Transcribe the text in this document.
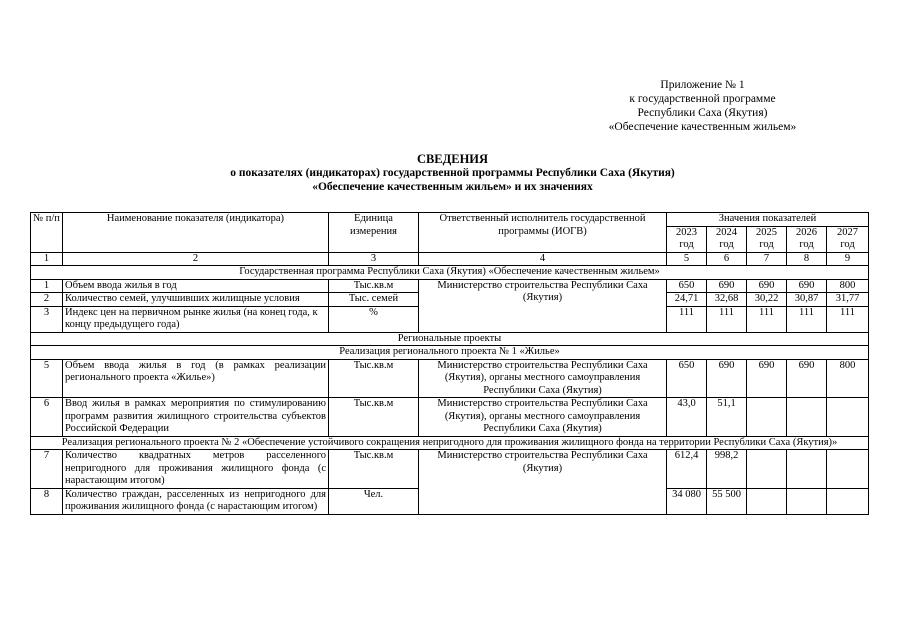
Приложение № 1
к государственной программе
Республики Саха (Якутия)
«Обеспечение качественным жильем»
СВЕДЕНИЯ
о показателях (индикаторах) государственной программы Республики Саха (Якутия)
«Обеспечение качественным жильем» и их значениях
№ п/п	Наименование показателя (индикатора)	Единица измерения	Ответственный исполнитель государственной программы (ИОГВ)	Значения показателей				
				2023 год	2024 год	2025 год	2026 год	2027 год
1	2	3	4	5	6	7	8	9
Государственная программа Республики Саха (Якутия) «Обеспечение качественным жильем»								
1	Объем ввода жилья в год	Тыс.кв.м	Министерство строительства Республики Саха (Якутия)	650	690	690	690	800
2	Количество семей, улучшивших жилищные условия	Тыс. семей		24,71	32,68	30,22	30,87	31,77
3	Индекс цен на первичном рынке жилья (на конец года, к концу предыдущего года)	%		111	111	111	111	111
Региональные проекты								
Реализация регионального проекта № 1 «Жилье»								
5	Объем ввода жилья в год (в рамках реализации регионального проекта «Жилье»)	Тыс.кв.м	Министерство строительства Республики Саха (Якутия), органы местного самоуправления Республики Саха (Якутия)	650	690	690	690	800
6	Ввод жилья в рамках мероприятия по стимулированию программ развития жилищного строительства субъектов Российской Федерации	Тыс.кв.м	Министерство строительства Республики Саха (Якутия), органы местного самоуправления Республики Саха (Якутия)	43,0	51,1			
Реализация регионального проекта № 2 «Обеспечение устойчивого сокращения непригодного для проживания жилищного фонда на территории Республики Саха (Якутия)»								
7	Количество квадратных метров расселенного непригодного для проживания жилищного фонда (с нарастающим итогом)	Тыс.кв.м	Министерство строительства Республики Саха (Якутия)	612,4	998,2			
8	Количество граждан, расселенных из непригодного для проживания жилищного фонда (с нарастающим итогом)	Чел.		34 080	55 500			
